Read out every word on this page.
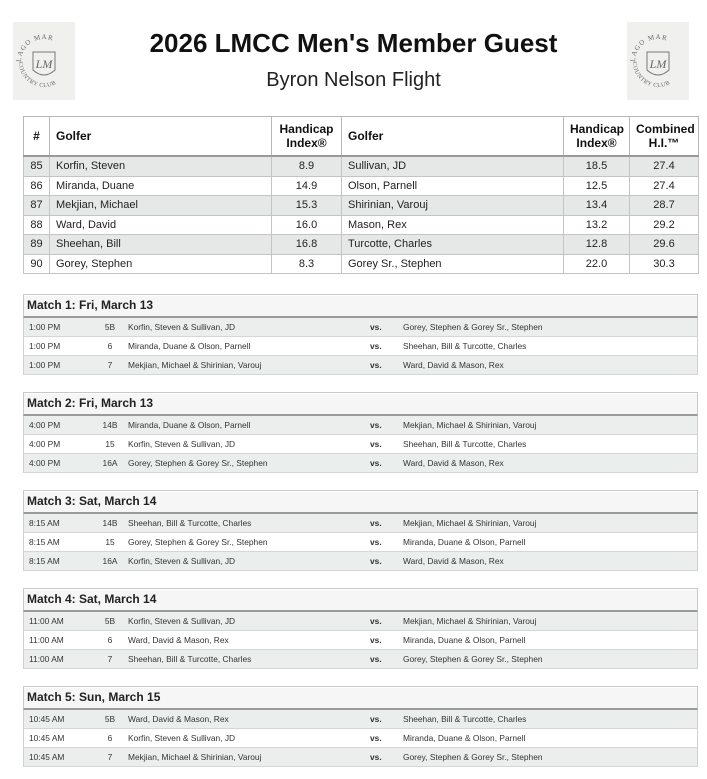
LAGO MAR
COUNTRY CLUB
LM	LAGO MAR
COUNTRY CLUB
LM
2026 LMCC Men's Member Guest
Byron Nelson Flight
#	Golfer	Handicap Index®	Golfer	Handicap Index®	Combined H.I.™
85	Korfin, Steven	8.9	Sullivan, JD	18.5	27.4
86	Miranda, Duane	14.9	Olson, Parnell	12.5	27.4
87	Mekjian, Michael	15.3	Shirinian, Varouj	13.4	28.7
88	Ward, David	16.0	Mason, Rex	13.2	29.2
89	Sheehan, Bill	16.8	Turcotte, Charles	12.8	29.6
90	Gorey, Stephen	8.3	Gorey Sr., Stephen	22.0	30.3
Match 1: Fri, March 13
1:00 PM	5B	Korfin, Steven & Sullivan, JD	vs.	Gorey, Stephen & Gorey Sr., Stephen
1:00 PM	6	Miranda, Duane & Olson, Parnell	vs.	Sheehan, Bill & Turcotte, Charles
1:00 PM	7	Mekjian, Michael & Shirinian, Varouj	vs.	Ward, David & Mason, Rex
Match 2: Fri, March 13
4:00 PM	14B	Miranda, Duane & Olson, Parnell	vs.	Mekjian, Michael & Shirinian, Varouj
4:00 PM	15	Korfin, Steven & Sullivan, JD	vs.	Sheehan, Bill & Turcotte, Charles
4:00 PM	16A	Gorey, Stephen & Gorey Sr., Stephen	vs.	Ward, David & Mason, Rex
Match 3: Sat, March 14
8:15 AM	14B	Sheehan, Bill & Turcotte, Charles	vs.	Mekjian, Michael & Shirinian, Varouj
8:15 AM	15	Gorey, Stephen & Gorey Sr., Stephen	vs.	Miranda, Duane & Olson, Parnell
8:15 AM	16A	Korfin, Steven & Sullivan, JD	vs.	Ward, David & Mason, Rex
Match 4: Sat, March 14
11:00 AM	5B	Korfin, Steven & Sullivan, JD	vs.	Mekjian, Michael & Shirinian, Varouj
11:00 AM	6	Ward, David & Mason, Rex	vs.	Miranda, Duane & Olson, Parnell
11:00 AM	7	Sheehan, Bill & Turcotte, Charles	vs.	Gorey, Stephen & Gorey Sr., Stephen
Match 5: Sun, March 15
10:45 AM	5B	Ward, David & Mason, Rex	vs.	Sheehan, Bill & Turcotte, Charles
10:45 AM	6	Korfin, Steven & Sullivan, JD	vs.	Miranda, Duane & Olson, Parnell
10:45 AM	7	Mekjian, Michael & Shirinian, Varouj	vs.	Gorey, Stephen & Gorey Sr., Stephen
